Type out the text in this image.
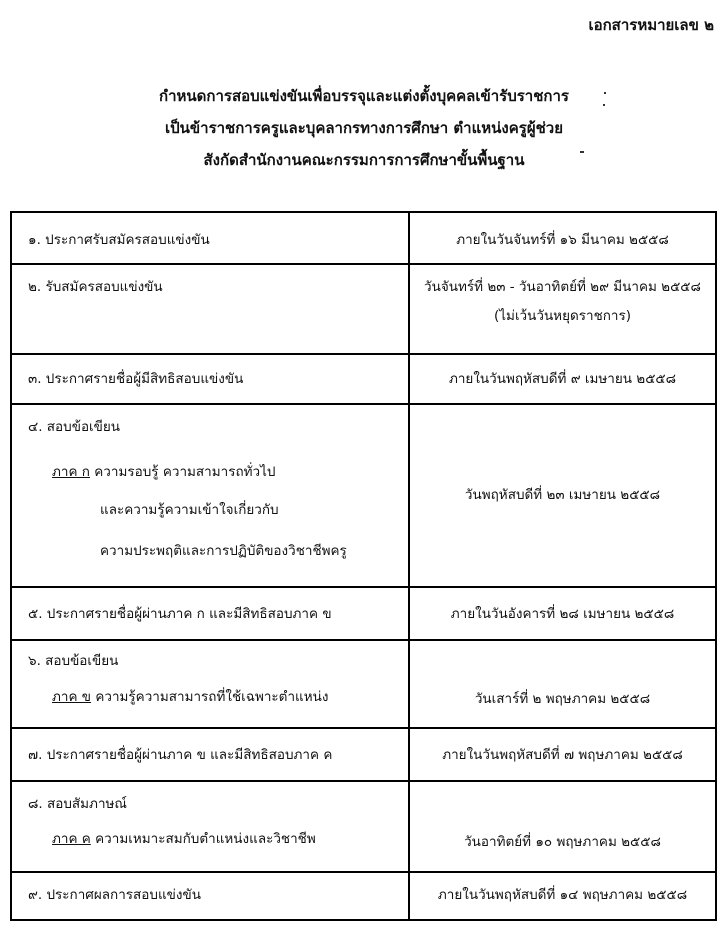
เอกสารหมายเลข ๒
กำหนดการสอบแข่งขันเพื่อบรรจุและแต่งตั้งบุคคลเข้ารับราชการ
เป็นข้าราชการครูและบุคลากรทางการศึกษา ตำแหน่งครูผู้ช่วย
สังกัดสำนักงานคณะกรรมการการศึกษาขั้นพื้นฐาน
๑. ประกาศรับสมัครสอบแข่งขัน	ภายในวันจันทร์ที่ ๑๖ มีนาคม ๒๕๕๘

๒. รับสมัครสอบแข่งขัน	วันจันทร์ที่ ๒๓ - วันอาทิตย์ที่ ๒๙ มีนาคม ๒๕๕๘
(ไม่เว้นวันหยุดราชการ)

๓. ประกาศรายชื่อผู้มีสิทธิสอบแข่งขัน	ภายในวันพฤหัสบดีที่ ๙ เมษายน ๒๕๕๘

๔. สอบข้อเขียน
ภาค ก ความรอบรู้ ความสามารถทั่วไป
และความรู้ความเข้าใจเกี่ยวกับ
ความประพฤติและการปฏิบัติของวิชาชีพครู	วันพฤหัสบดีที่ ๒๓ เมษายน ๒๕๕๘

๕. ประกาศรายชื่อผู้ผ่านภาค ก และมีสิทธิสอบภาค ข	ภายในวันอังคารที่ ๒๘ เมษายน ๒๕๕๘

๖. สอบข้อเขียน
ภาค ข ความรู้ความสามารถที่ใช้เฉพาะตำแหน่ง	วันเสาร์ที่ ๒ พฤษภาคม ๒๕๕๘

๗. ประกาศรายชื่อผู้ผ่านภาค ข และมีสิทธิสอบภาค ค	ภายในวันพฤหัสบดีที่ ๗ พฤษภาคม ๒๕๕๘

๘. สอบสัมภาษณ์
ภาค ค ความเหมาะสมกับตำแหน่งและวิชาชีพ	วันอาทิตย์ที่ ๑๐ พฤษภาคม ๒๕๕๘

๙. ประกาศผลการสอบแข่งขัน	ภายในวันพฤหัสบดีที่ ๑๔ พฤษภาคม ๒๕๕๘
